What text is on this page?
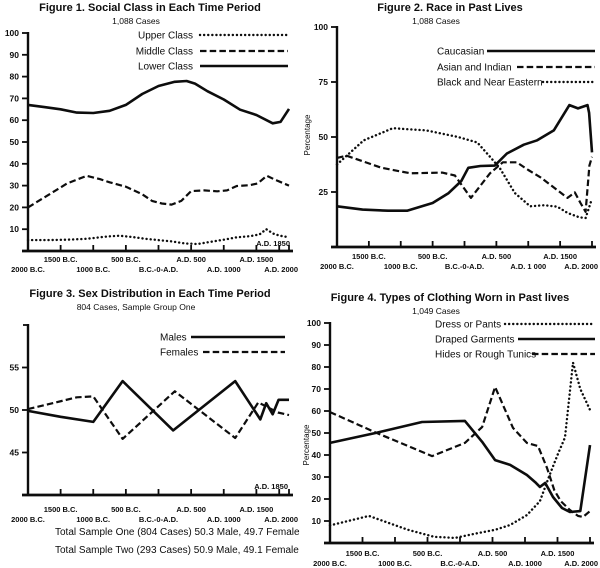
Figure 1. Social Class in Each Time Period
1,088 Cases
A.D. 1850
10
20
30
40
50
60
70
80
90
100
1500 B.C.	500 B.C.	A.D. 500	A.D. 1500
2000 B.C.	1000 B.C.	B.C.-0-A.D.	A.D. 1000	A.D. 2000
Upper Class
Middle Class
Lower Class
Figure 2. Race in Past Lives
1,088 Cases
Percentage
25
50
75
100
1500 B.C.	500 B.C.	A.D. 500	A.D. 1500
2000 B.C.	1000 B.C.	B.C.-0-A.D.	A.D. 1 000 A.D. 2000
Caucasian
Asian and Indian
Black and Near Eastern
Figure 3. Sex Distribution in Each Time Period
804 Cases, Sample Group One
A.D. 1850
45
50
55
1500 B.C.	500 B.C.	A.D. 500	A.D. 1500
2000 B.C.	1000 B.C.	B.C.-0-A.D.	A.D. 1000	A.D. 2000
Males
Females
Total Sample One (804 Cases) 50.3 Male, 49.7 Female
Total Sample Two (293 Cases) 50.9 Male, 49.1 Female
Figure 4. Types of Clothing Worn in Past lives
1,049 Cases
Percentage
10
20
30
40
50
60
70
80
90
100
1500 B.C.	500 B.C.	A.D. 500	A.D. 1500
2000 B.C.	1000 B.C.	B.C.-0-A.D.	A.D. 1000	A.D. 2000
Dress or Pants
Draped Garments
Hides or Rough Tunics
